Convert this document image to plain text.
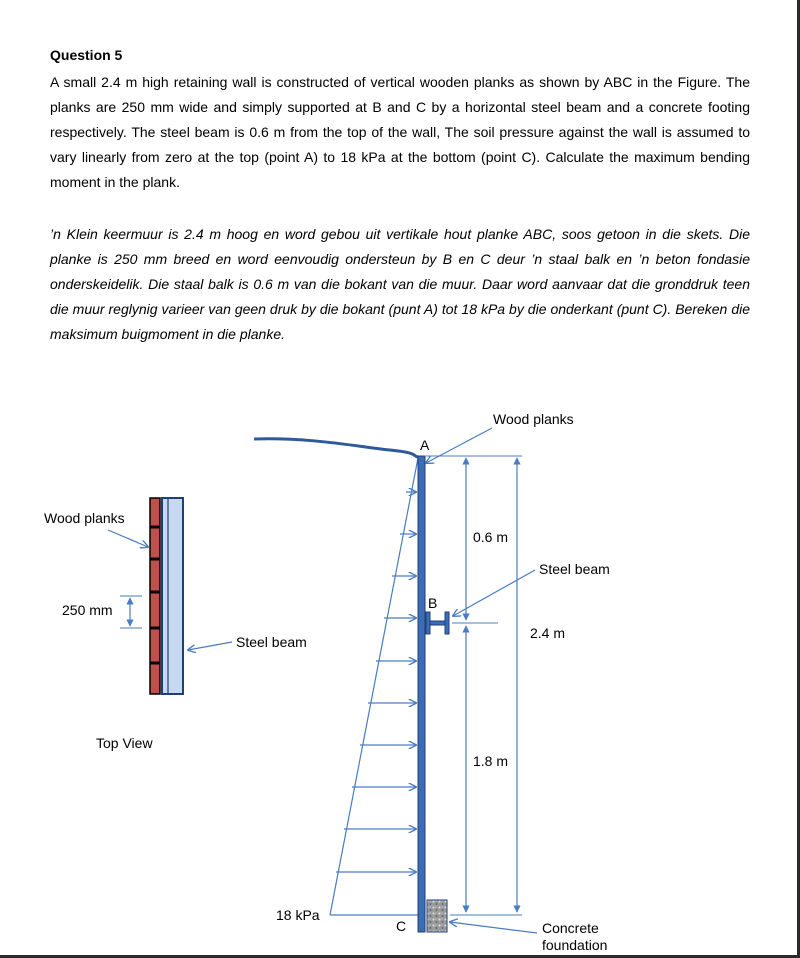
Question 5

A small 2.4 m high retaining wall is constructed of vertical wooden planks as shown by ABC in the Figure. The planks are 250 mm wide and simply supported at B and C by a horizontal steel beam and a concrete footing respectively. The steel beam is 0.6 m from the top of the wall, The soil pressure against the wall is assumed to vary linearly from zero at the top (point A) to 18 kPa at the bottom (point C). Calculate the maximum bending moment in the plank.

’n Klein keermuur is 2.4 m hoog en word gebou uit vertikale hout planke ABC, soos getoon in die skets. Die planke is 250 mm breed en word eenvoudig ondersteun by B en C deur ’n staal balk en ’n beton fondasie onderskeidelik. Die staal balk is 0.6 m van die bokant van die muur. Daar word aanvaar dat die gronddruk teen die muur reglynig varieer van geen druk by die bokant (punt A) tot 18 kPa by die onderkant (punt C). Bereken die maksimum buigmoment in die planke.

Wood planks
250 mm
Steel beam
Top View
A
B
C
Wood planks
0.6 m
1.8 m
2.4 m
Steel beam
18 kPa
Concrete
foundation
